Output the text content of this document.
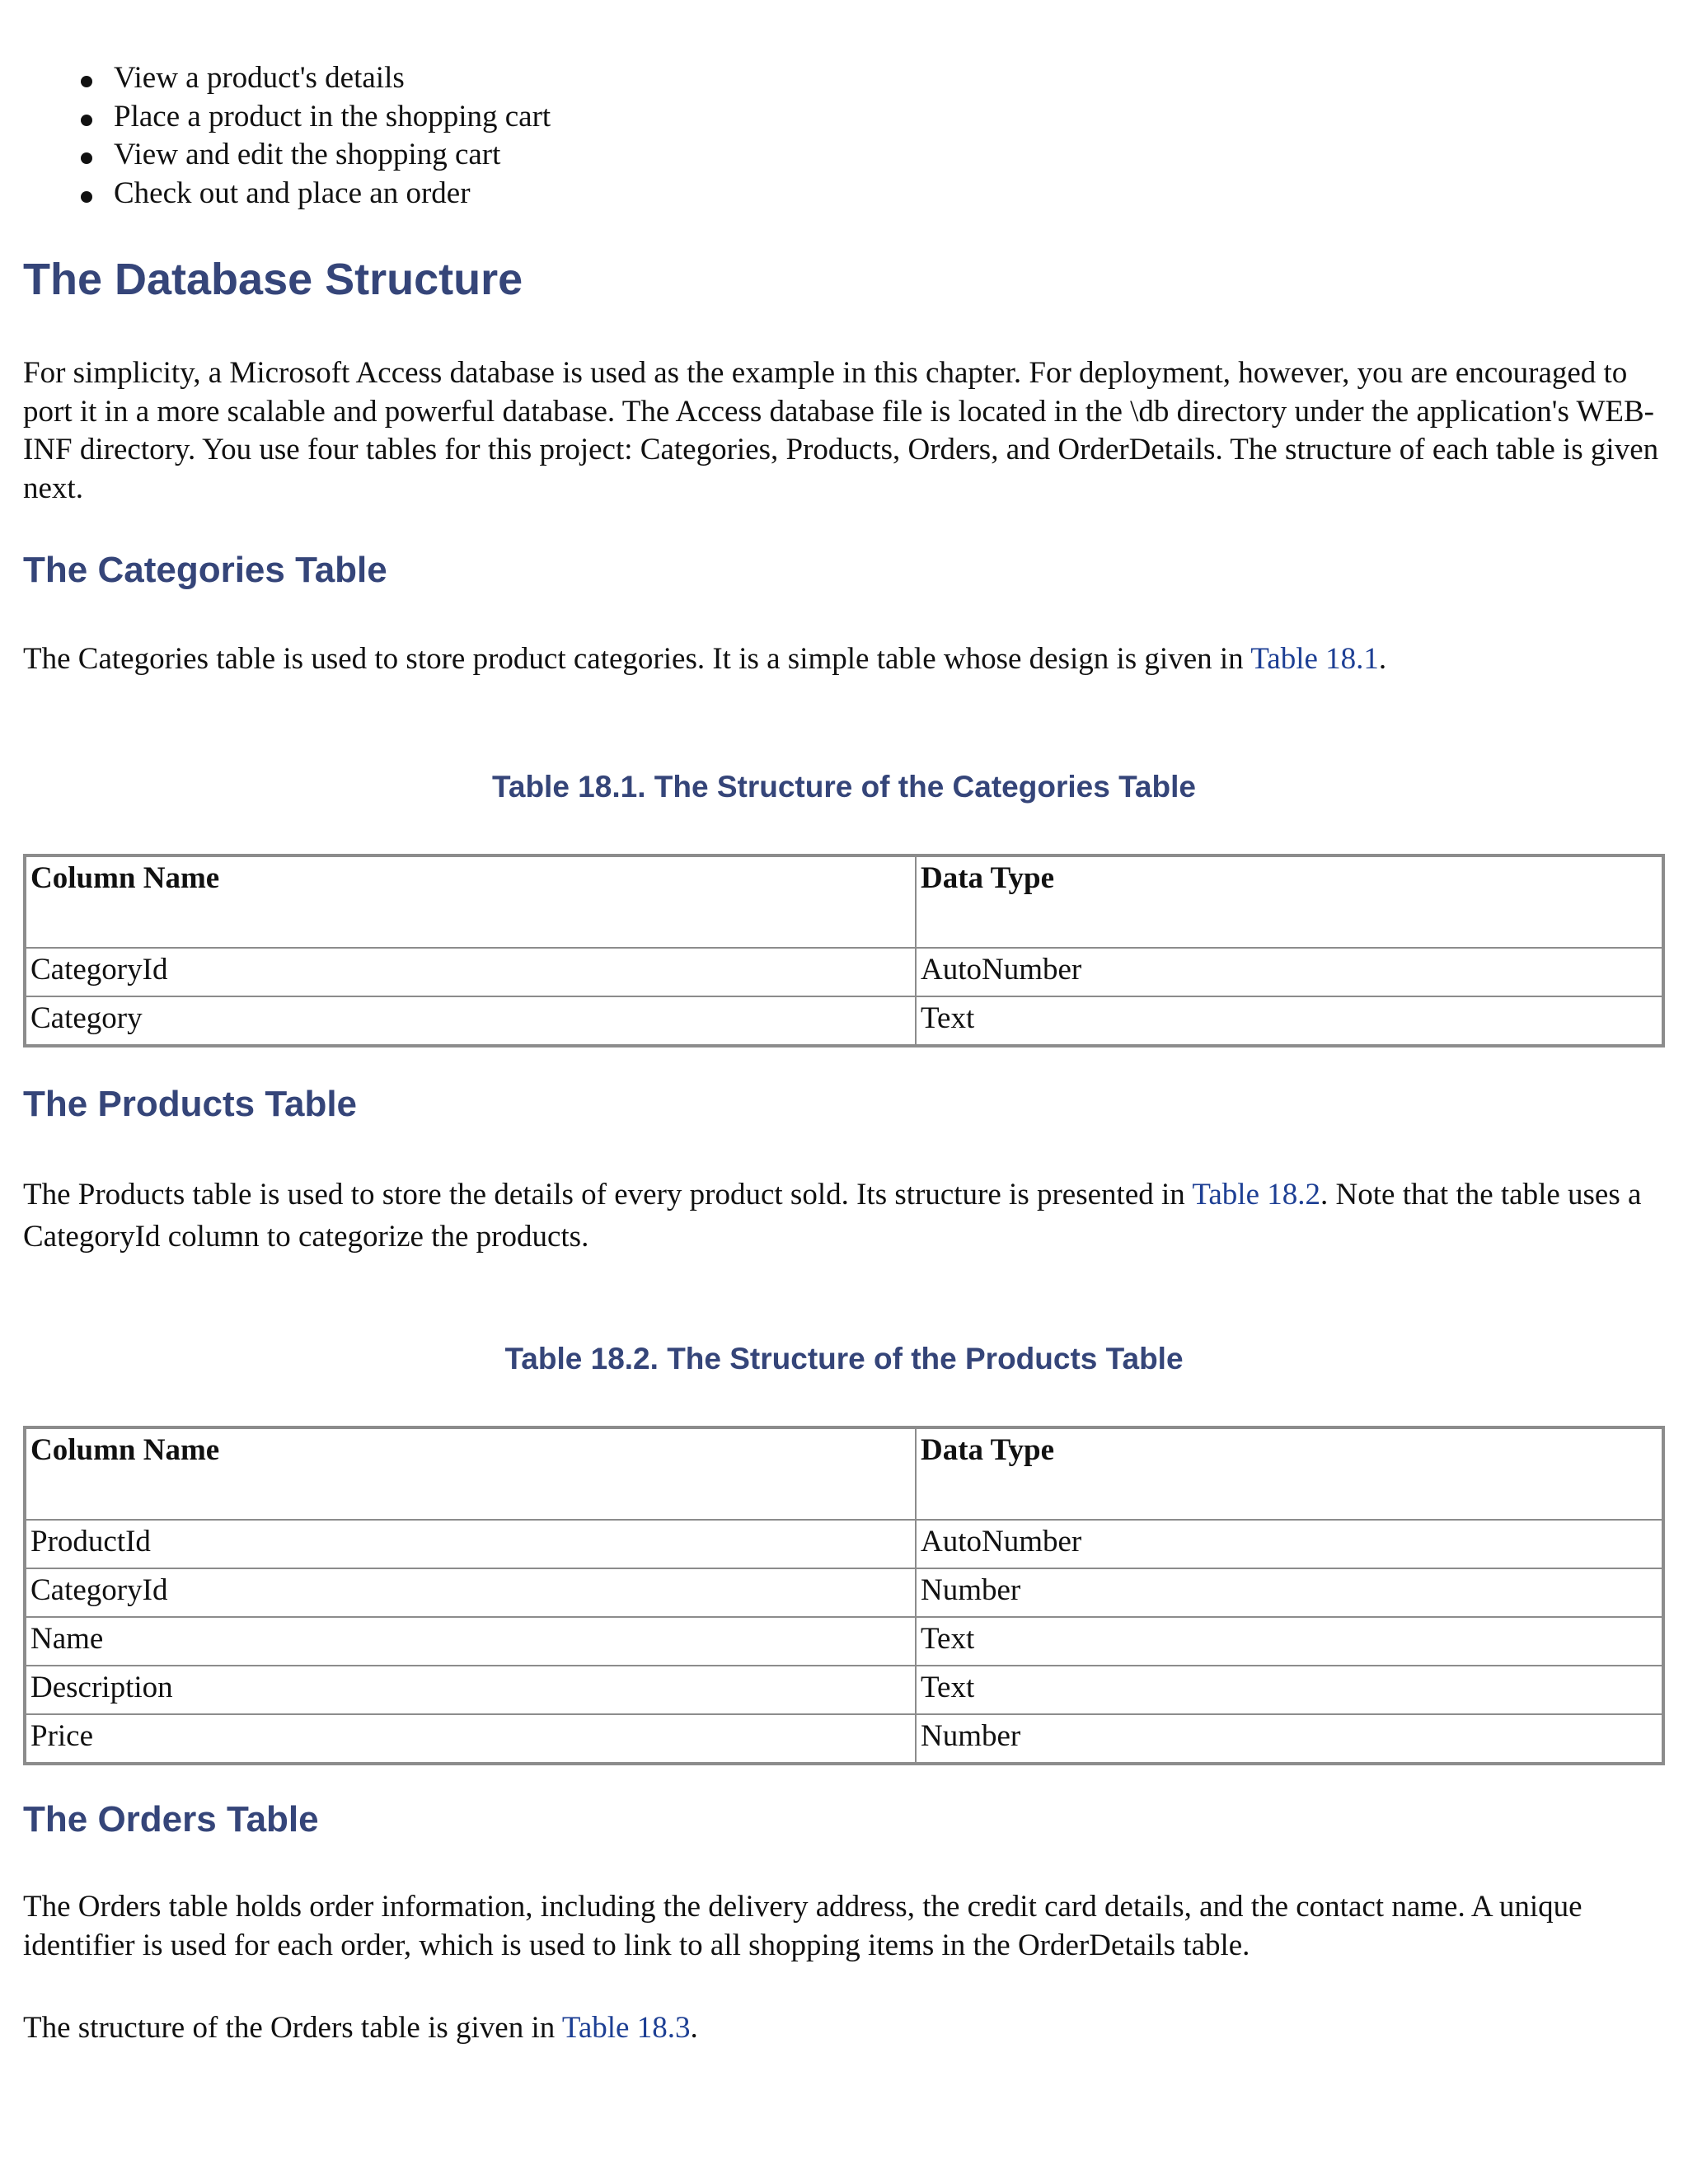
View a product's details
Place a product in the shopping cart
View and edit the shopping cart
Check out and place an order
The Database Structure

For simplicity, a Microsoft Access database is used as the example in this chapter. For deployment, however, you are encouraged to port it in a more scalable and powerful database. The Access database file is located in the \db directory under the application's WEB-INF directory. You use four tables for this project: Categories, Products, Orders, and OrderDetails. The structure of each table is given next.

The Categories Table

The Categories table is used to store product categories. It is a simple table whose design is given in Table 18.1.

Table 18.1. The Structure of the Categories Table
Column Name	Data Type
CategoryId	AutoNumber
Category	Text
The Products Table

The Products table is used to store the details of every product sold. Its structure is presented in Table 18.2. Note that the table uses a CategoryId column to categorize the products.

Table 18.2. The Structure of the Products Table
Column Name	Data Type
ProductId	AutoNumber
CategoryId	Number
Name	Text
Description	Text
Price	Number
The Orders Table

The Orders table holds order information, including the delivery address, the credit card details, and the contact name. A unique identifier is used for each order, which is used to link to all shopping items in the OrderDetails table.

The structure of the Orders table is given in Table 18.3.
